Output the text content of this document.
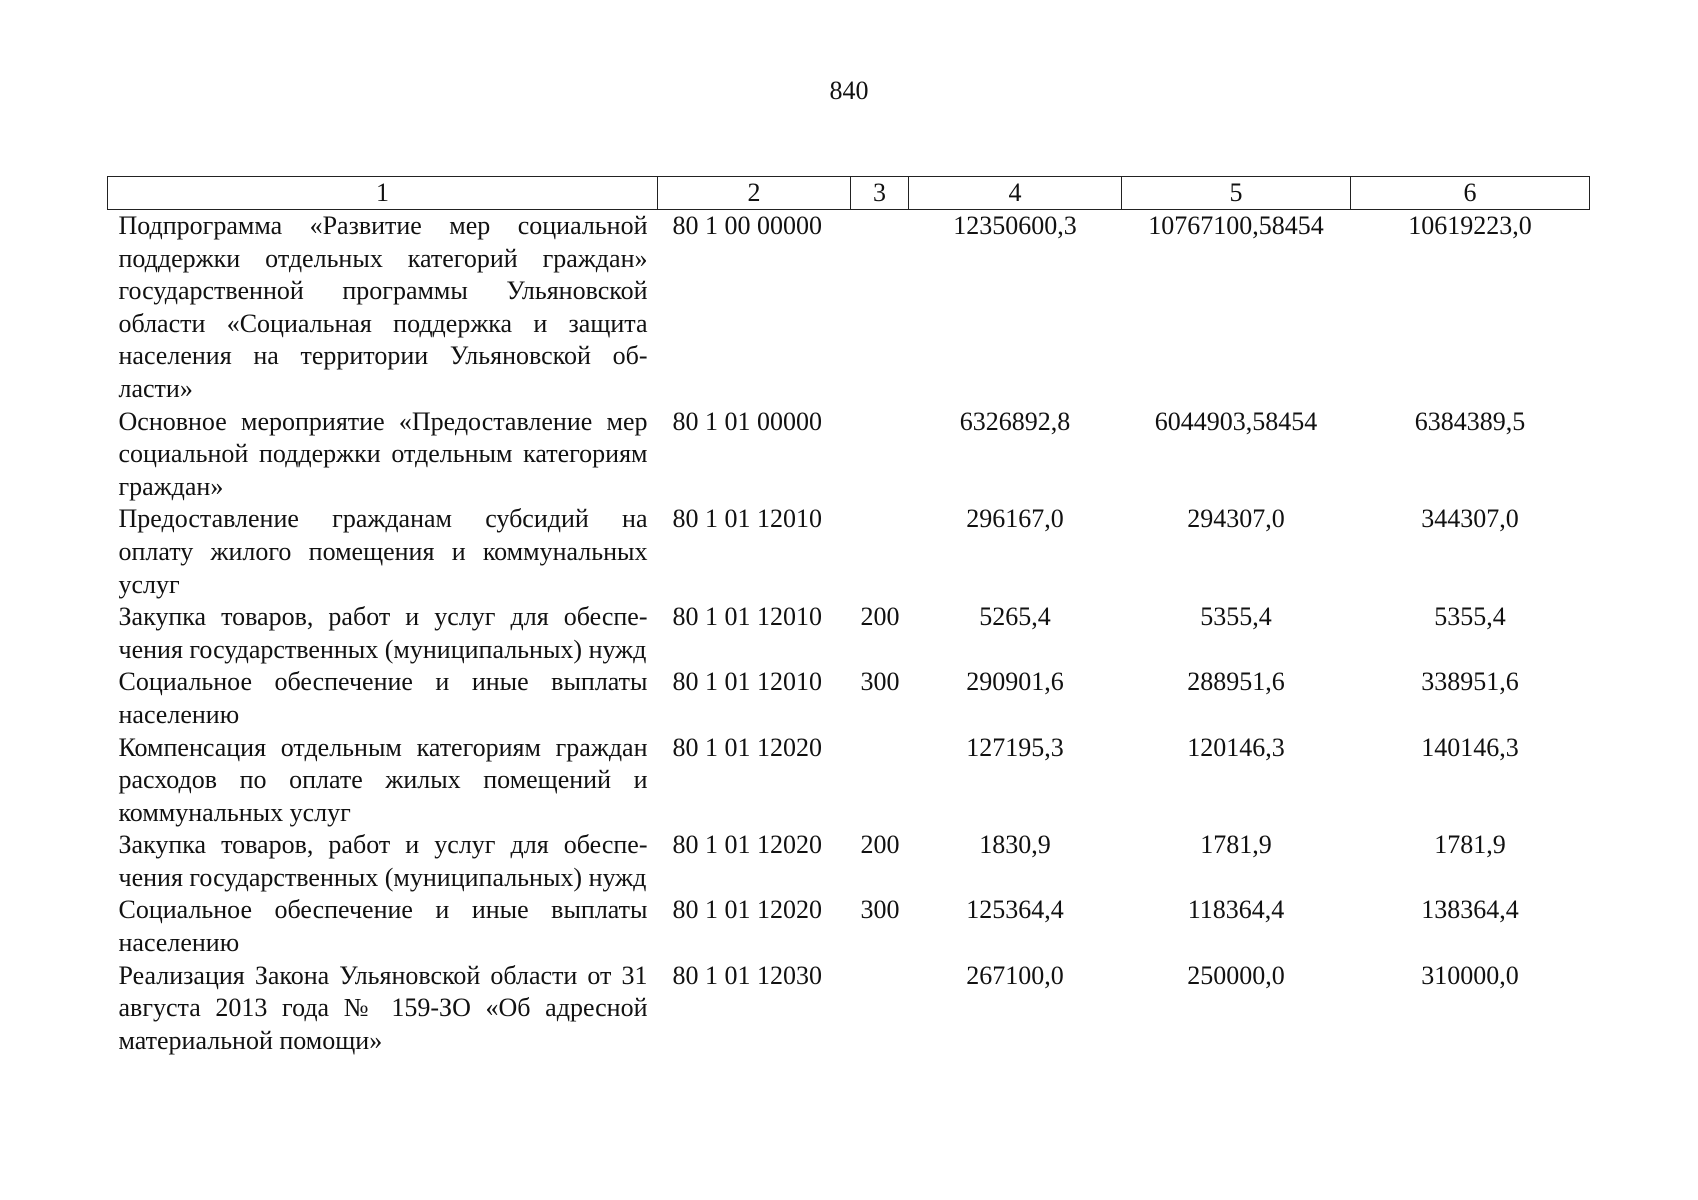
840
1	2	3	4	5	6
Подпрограмма «Развитие мер социальной поддержки отдельных категорий граждан» государственной программы Ульяновской области «Социальная поддержка и защита населения на территории Ульяновской области»	80 1 00 00000		12350600,3	10767100,58454	10619223,0
Основное мероприятие «Предоставление мер социальной поддержки отдельным категориям граждан»	80 1 01 00000		6326892,8	6044903,58454	6384389,5
Предоставление гражданам субсидий на оплату жилого помещения и коммунальных услуг	80 1 01 12010		296167,0	294307,0	344307,0
Закупка товаров, работ и услуг для обеспечения государственных (муниципальных) нужд	80 1 01 12010	200	5265,4	5355,4	5355,4
Социальное обеспечение и иные выплаты населению	80 1 01 12010	300	290901,6	288951,6	338951,6
Компенсация отдельным категориям граждан расходов по оплате жилых помещений и коммунальных услуг	80 1 01 12020		127195,3	120146,3	140146,3
Закупка товаров, работ и услуг для обеспечения государственных (муниципальных) нужд	80 1 01 12020	200	1830,9	1781,9	1781,9
Социальное обеспечение и иные выплаты населению	80 1 01 12020	300	125364,4	118364,4	138364,4
Реализация Закона Ульяновской области от 31 августа 2013 года № 159-ЗО «Об адресной материальной помощи»	80 1 01 12030		267100,0	250000,0	310000,0
